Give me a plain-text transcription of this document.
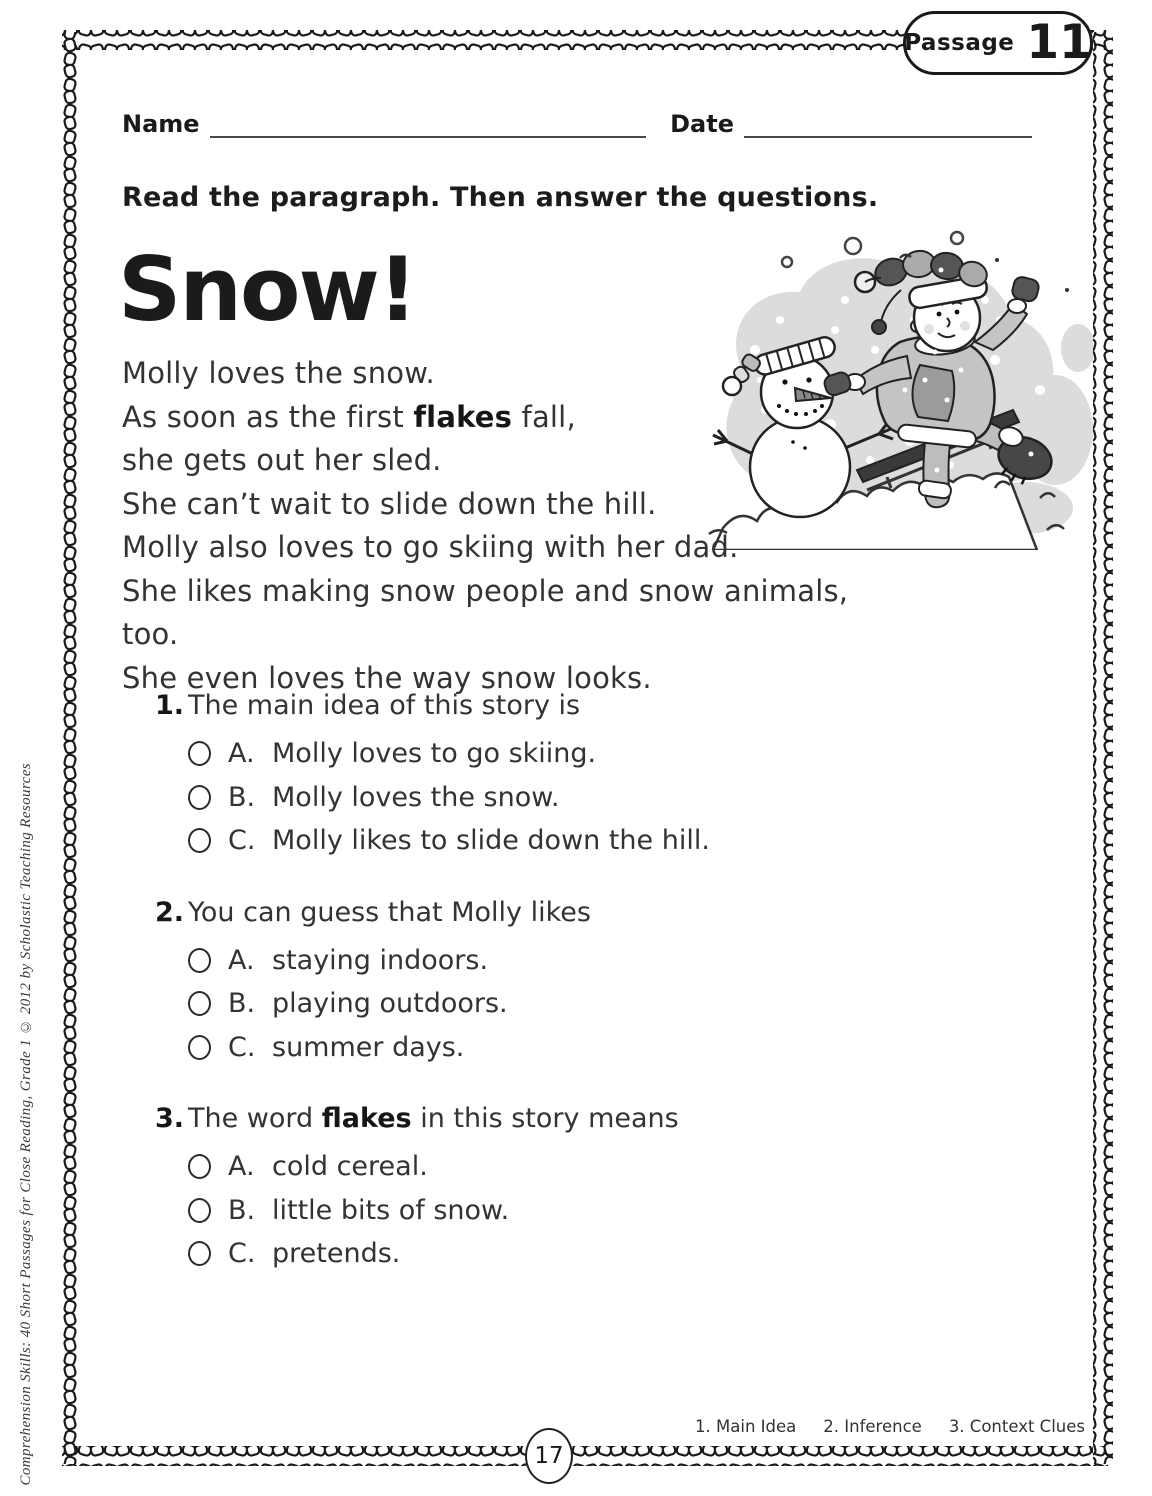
Passage 11
Name	Date
Read the paragraph. Then answer the questions.
Snow!
Molly loves the snow.
As soon as the first flakes fall,
she gets out her sled.
She can’t wait to slide down the hill.
Molly also loves to go skiing with her dad.
She likes making snow people and snow animals, too.
She even loves the way snow looks.
1. The main idea of this story is
A. Molly loves to go skiing.
B. Molly loves the snow.
C. Molly likes to slide down the hill.
2. You can guess that Molly likes
A. staying indoors.
B. playing outdoors.
C. summer days.
3. The word flakes in this story means
A. cold cereal.
B. little bits of snow.
C. pretends.
1. Main Idea 2. Inference 3. Context Clues
17
Comprehension Skills: 40 Short Passages for Close Reading, Grade 1 © 2012 by Scholastic Teaching Resources
